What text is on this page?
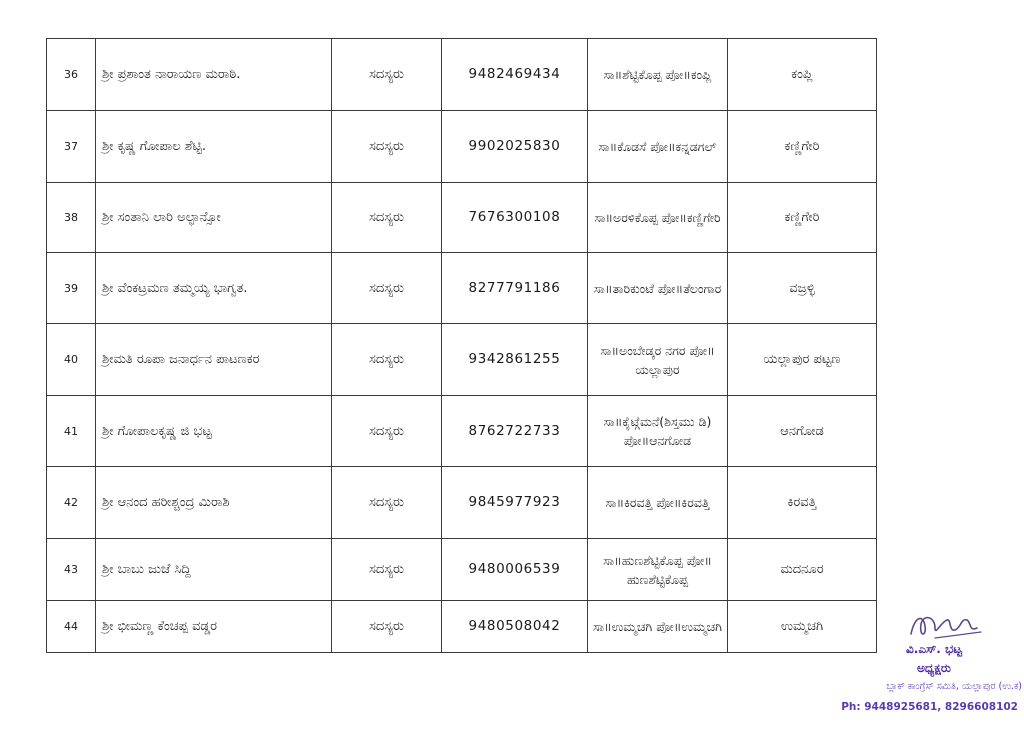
36	ಶ್ರೀ ಪ್ರಶಾಂತ ನಾರಾಯಣ ಮರಾಠಿ.	ಸದಸ್ಯರು	9482469434	ಸಾ॥ಶೆಟ್ಟಿಕೊಪ್ಪ ಪೋ॥ಕಂಪ್ಲಿ	ಕಂಪ್ಲಿ
37	ಶ್ರೀ ಕೃಷ್ಣ ಗೋಪಾಲ ಶೆಟ್ಟಿ.	ಸದಸ್ಯರು	9902025830	ಸಾ॥ಕೊಡಸೆ ಪೋ॥ಕನ್ನಡಗಲ್	ಕಣ್ಣಿಗೇರಿ
38	ಶ್ರೀ ಸಂತಾನಿ ಲಾರಿ ಅಲ್ಫಾನ್ಸೋ	ಸದಸ್ಯರು	7676300108	ಸಾ॥ಅರಳಿಕೊಪ್ಪ ಪೋ॥ಕಣ್ಣಿಗೇರಿ	ಕಣ್ಣಿಗೇರಿ
39	ಶ್ರೀ ವೆಂಕಟ್ರಮಣ ತಮ್ಮಯ್ಯ ಭಾಗ್ವತ.	ಸದಸ್ಯರು	8277791186	ಸಾ॥ತಾರಿಕುಂಟೆ ಪೋ॥ತೆಲಂಗಾರ	ವಜ್ರಳ್ಳಿ
40	ಶ್ರೀಮತಿ ರೂಪಾ ಜನಾರ್ಧನ ಪಾಟಣಕರ	ಸದಸ್ಯರು	9342861255	ಸಾ॥ಅಂಬೇಡ್ಕರ ನಗರ ಪೋ॥ಯಲ್ಲಾಪುರ	ಯಲ್ಲಾಪುರ ಪಟ್ಟಣ
41	ಶ್ರೀ ಗೋಪಾಲಕೃಷ್ಣ ಜಿ ಭಟ್ಟ	ಸದಸ್ಯರು	8762722733	ಸಾ॥ಕೈಟ್ಗೆಮನೆ(ಶಿಸ್ತಮು ಡಿ) ಪೋ॥ಆನಗೋಡ	ಆನಗೋಡ
42	ಶ್ರೀ ಆನಂದ ಹರೀಶ್ಚಂದ್ರ ಮಿರಾಶಿ	ಸದಸ್ಯರು	9845977923	ಸಾ॥ಕಿರವತ್ತಿ ಪೋ॥ಕಿರವತ್ತಿ	ಕಿರವತ್ತಿ
43	ಶ್ರೀ ಬಾಬು ಜುಜೆ ಸಿದ್ದಿ	ಸದಸ್ಯರು	9480006539	ಸಾ॥ಹುಣಶೆಟ್ಟಿಕೊಪ್ಪ ಪೋ॥ಹುಣಶೆಟ್ಟಿಕೊಪ್ಪ	ಮದನೂರ
44	ಶ್ರೀ ಭೀಮಣ್ಣ ಕೆಂಚಪ್ಪ ವಡ್ಡರ	ಸದಸ್ಯರು	9480508042	ಸಾ॥ಉಮ್ಮಚಗಿ ಪೋ॥ಉಮ್ಮಚಗಿ	ಉಮ್ಮಚಗಿ
ವಿ.ಎಸ್. ಭಟ್ಟ
ಅಧ್ಯಕ್ಷರು
ಬ್ಲಾಕ್ ಕಾಂಗ್ರೆಸ್ ಸಮಿತಿ, ಯಲ್ಲಾಪುರ (ಉ.ಕ)
Ph: 9448925681, 8296608102
